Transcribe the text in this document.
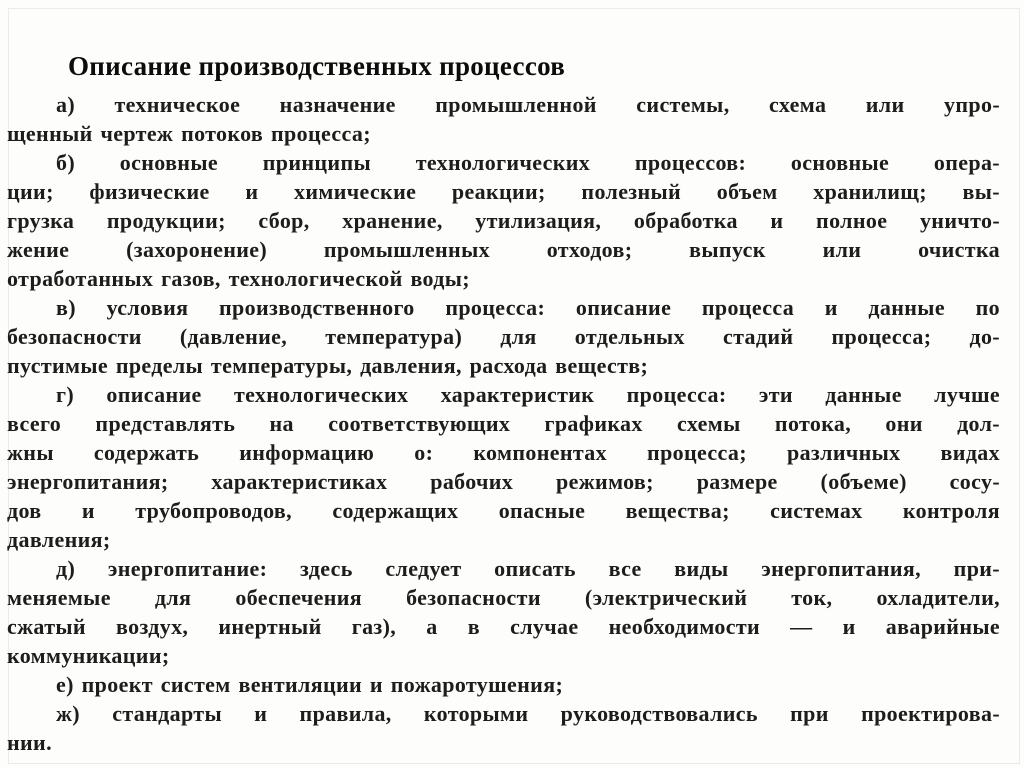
Описание производственных процессов
а) техническое назначение промышленной системы, схема или упро-
щенный чертеж потоков процесса;
б) основные принципы технологических процессов: основные опера-
ции; физические и химические реакции; полезный объем хранилищ; вы-
грузка продукции; сбор, хранение, утилизация, обработка и полное уничто-
жение (захоронение) промышленных отходов; выпуск или очистка
отработанных газов, технологической воды;
в) условия производственного процесса: описание процесса и данные по
безопасности (давление, температура) для отдельных стадий процесса; до-
пустимые пределы температуры, давления, расхода веществ;
г) описание технологических характеристик процесса: эти данные лучше
всего представлять на соответствующих графиках схемы потока, они дол-
жны содержать информацию о: компонентах процесса; различных видах
энергопитания; характеристиках рабочих режимов; размере (объеме) сосу-
дов и трубопроводов, содержащих опасные вещества; системах контроля
давления;
д) энергопитание: здесь следует описать все виды энергопитания, при-
меняемые для обеспечения безопасности (электрический ток, охладители,
сжатый воздух, инертный газ), а в случае необходимости — и аварийные
коммуникации;
е) проект систем вентиляции и пожаротушения;
ж) стандарты и правила, которыми руководствовались при проектирова-
нии.
